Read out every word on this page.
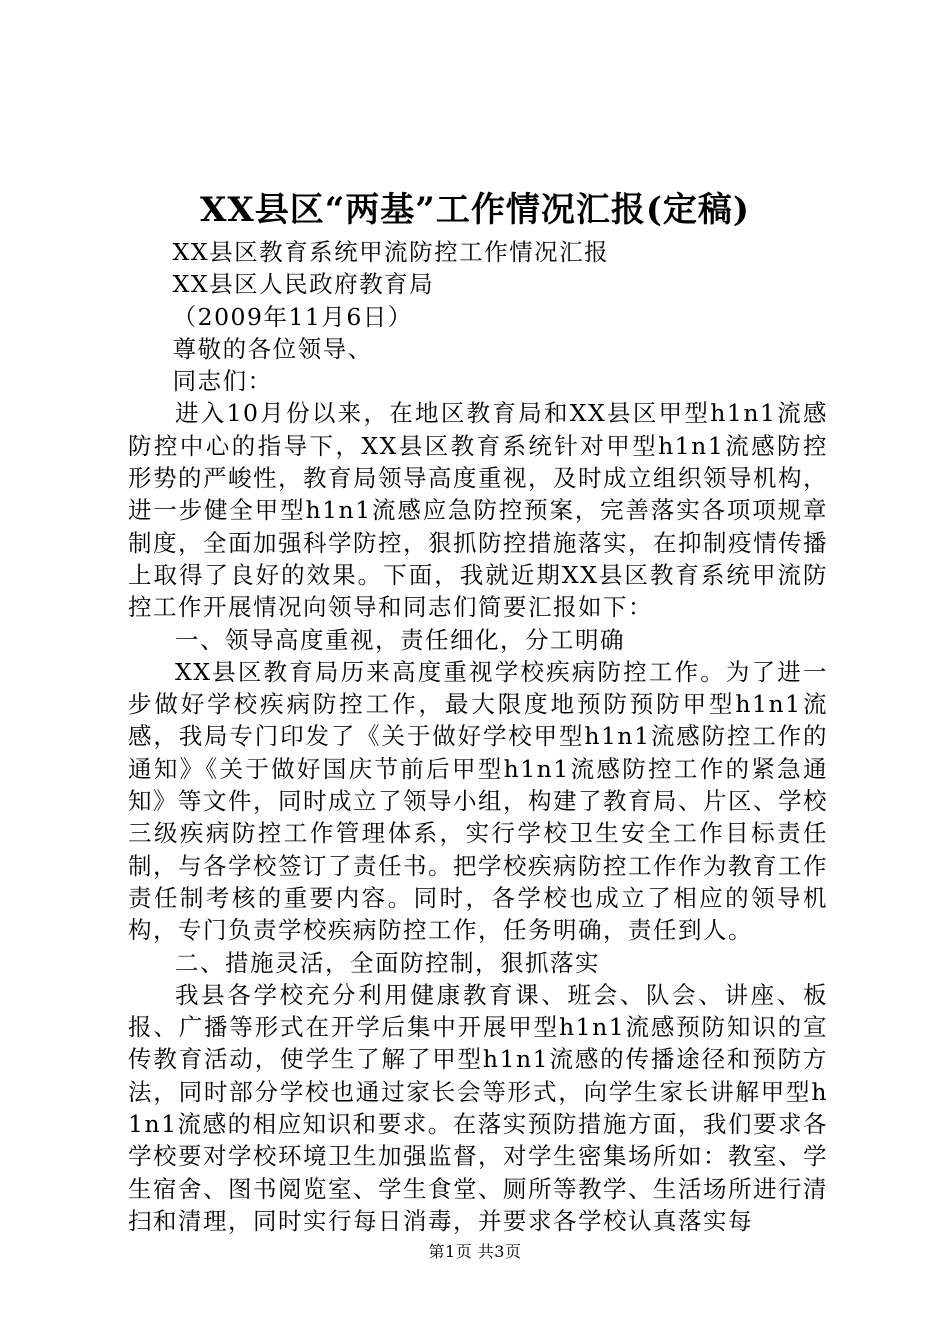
XX县区“两基”工作情况汇报(定稿)

XX县区教育系统甲流防控工作情况汇报

XX县区人民政府教育局

（2009年11月6日）

尊敬的各位领导、

同志们：

进入10月份以来，在地区教育局和XX县区甲型h1n1流感防控中心的指导下，XX县区教育系统针对甲型h1n1流感防控形势的严峻性，教育局领导高度重视，及时成立组织领导机构，进一步健全甲型h1n1流感应急防控预案，完善落实各项项规章制度，全面加强科学防控，狠抓防控措施落实，在抑制疫情传播上取得了良好的效果。下面，我就近期XX县区教育系统甲流防控工作开展情况向领导和同志们简要汇报如下：

一、领导高度重视，责任细化，分工明确

XX县区教育局历来高度重视学校疾病防控工作。为了进一步做好学校疾病防控工作，最大限度地预防预防甲型h1n1流感，我局专门印发了《关于做好学校甲型h1n1流感防控工作的通知》《关于做好国庆节前后甲型h1n1流感防控工作的紧急通知》等文件，同时成立了领导小组，构建了教育局、片区、学校三级疾病防控工作管理体系，实行学校卫生安全工作目标责任制，与各学校签订了责任书。把学校疾病防控工作作为教育工作责任制考核的重要内容。同时，各学校也成立了相应的领导机构，专门负责学校疾病防控工作，任务明确，责任到人。

二、措施灵活，全面防控制，狠抓落实

我县各学校充分利用健康教育课、班会、队会、讲座、板报、广播等形式在开学后集中开展甲型h1n1流感预防知识的宣传教育活动，使学生了解了甲型h1n1流感的传播途径和预防方法，同时部分学校也通过家长会等形式，向学生家长讲解甲型h1n1流感的相应知识和要求。在落实预防措施方面，我们要求各学校要对学校环境卫生加强监督，对学生密集场所如：教室、学生宿舍、图书阅览室、学生食堂、厕所等教学、生活场所进行清扫和清理，同时实行每日消毒，并要求各学校认真落实每

第1页 共3页
